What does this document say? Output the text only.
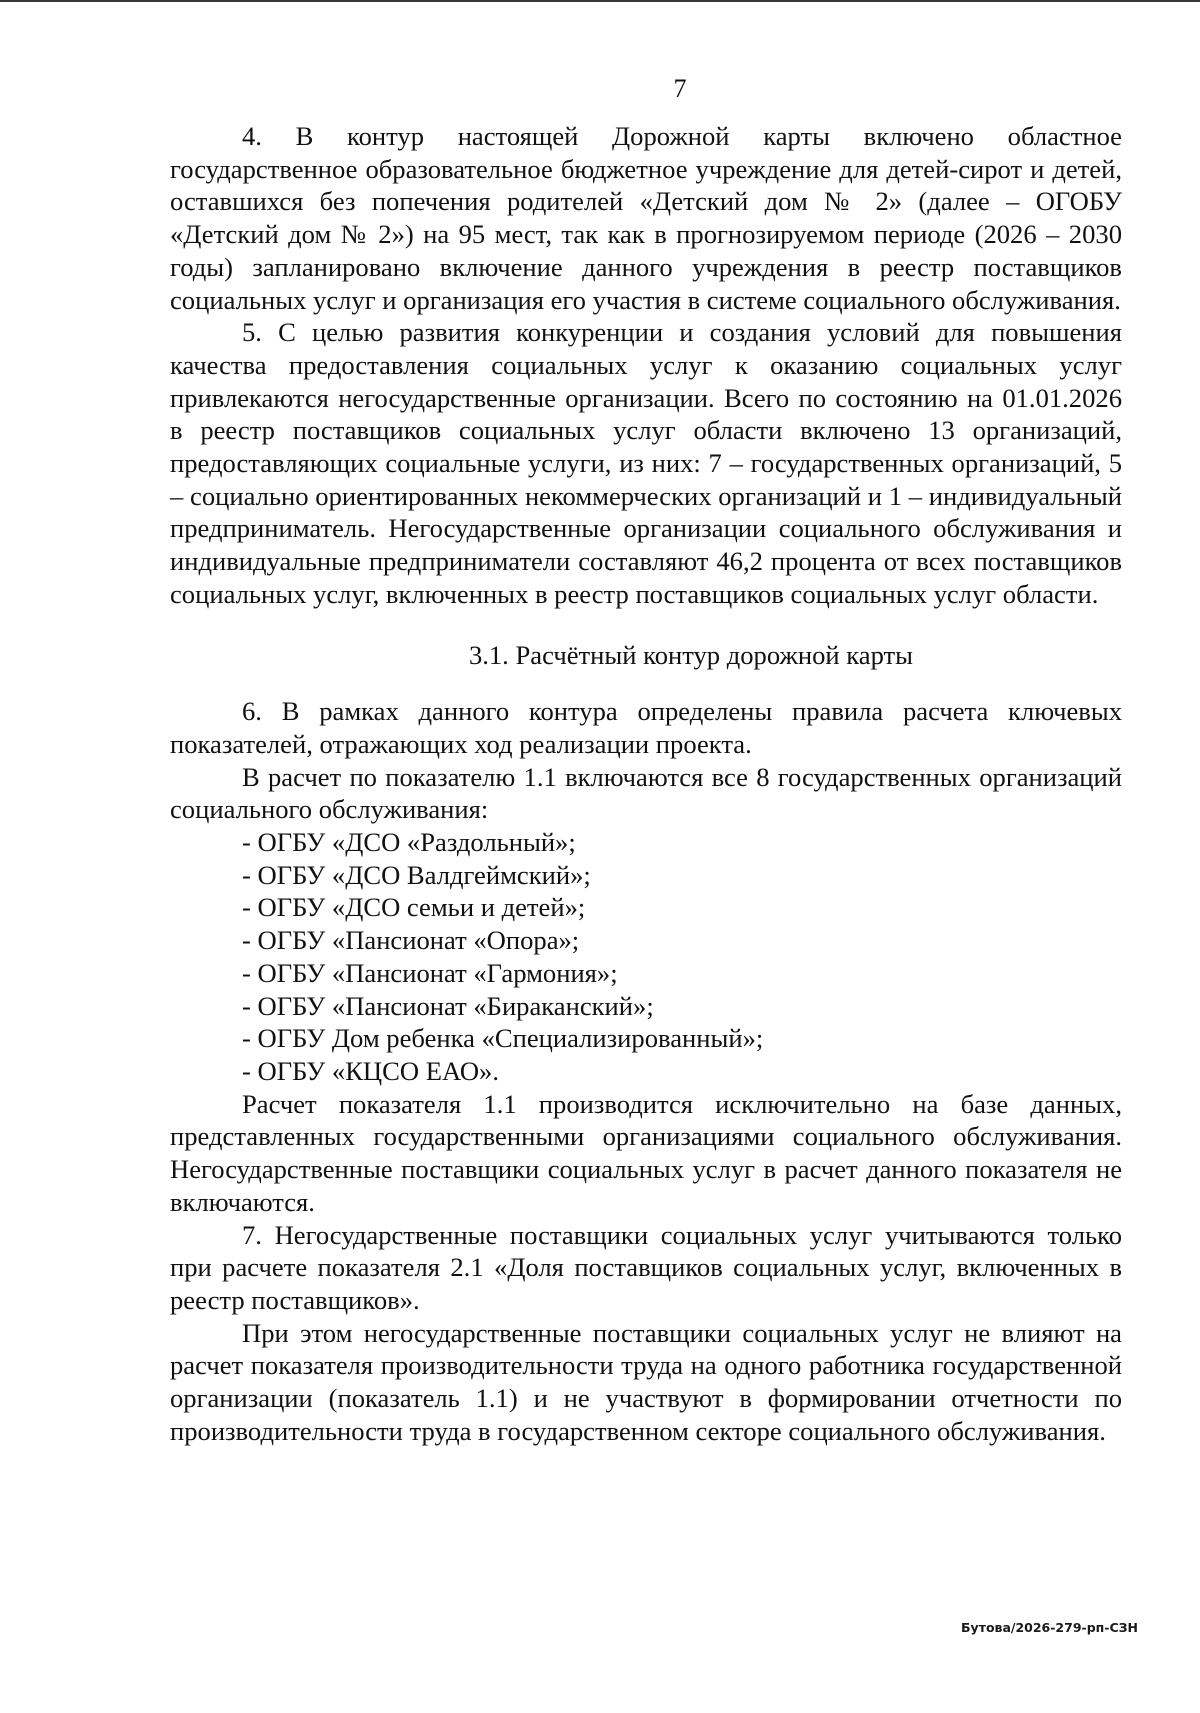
7

4. В контур настоящей Дорожной карты включено областное государственное образовательное бюджетное учреждение для детей-сирот и детей, оставшихся без попечения родителей «Детский дом № 2» (далее – ОГОБУ «Детский дом № 2») на 95 мест, так как в прогнозируемом периоде (2026 – 2030 годы) запланировано включение данного учреждения в реестр поставщиков социальных услуг и организация его участия в системе социального обслуживания.

5. С целью развития конкуренции и создания условий для повышения качества предоставления социальных услуг к оказанию социальных услуг привлекаются негосударственные организации. Всего по состоянию на 01.01.2026 в реестр поставщиков социальных услуг области включено 13 организаций, предоставляющих социальные услуги, из них: 7 – государственных организаций, 5 – социально ориентированных некоммерческих организаций и 1 – индивидуальный предприниматель. Негосударственные организации социального обслуживания и индивидуальные предприниматели составляют 46,2 процента от всех поставщиков социальных услуг, включенных в реестр поставщиков социальных услуг области.

3.1. Расчётный контур дорожной карты

6. В рамках данного контура определены правила расчета ключевых показателей, отражающих ход реализации проекта.

В расчет по показателю 1.1 включаются все 8 государственных организаций социального обслуживания:

- ОГБУ «ДСО «Раздольный»;
- ОГБУ «ДСО Валдгеймский»;
- ОГБУ «ДСО семьи и детей»;
- ОГБУ «Пансионат «Опора»;
- ОГБУ «Пансионат «Гармония»;
- ОГБУ «Пансионат «Бираканский»;
- ОГБУ Дом ребенка «Специализированный»;
- ОГБУ «КЦСО ЕАО».

Расчет показателя 1.1 производится исключительно на базе данных, представленных государственными организациями социального обслуживания. Негосударственные поставщики социальных услуг в расчет данного показателя не включаются.

7. Негосударственные поставщики социальных услуг учитываются только при расчете показателя 2.1 «Доля поставщиков социальных услуг, включенных в реестр поставщиков».

При этом негосударственные поставщики социальных услуг не влияют на расчет показателя производительности труда на одного работника государственной организации (показатель 1.1) и не участвуют в формировании отчетности по производительности труда в государственном секторе социального обслуживания.

Бутова/2026-279-рп-СЗН
